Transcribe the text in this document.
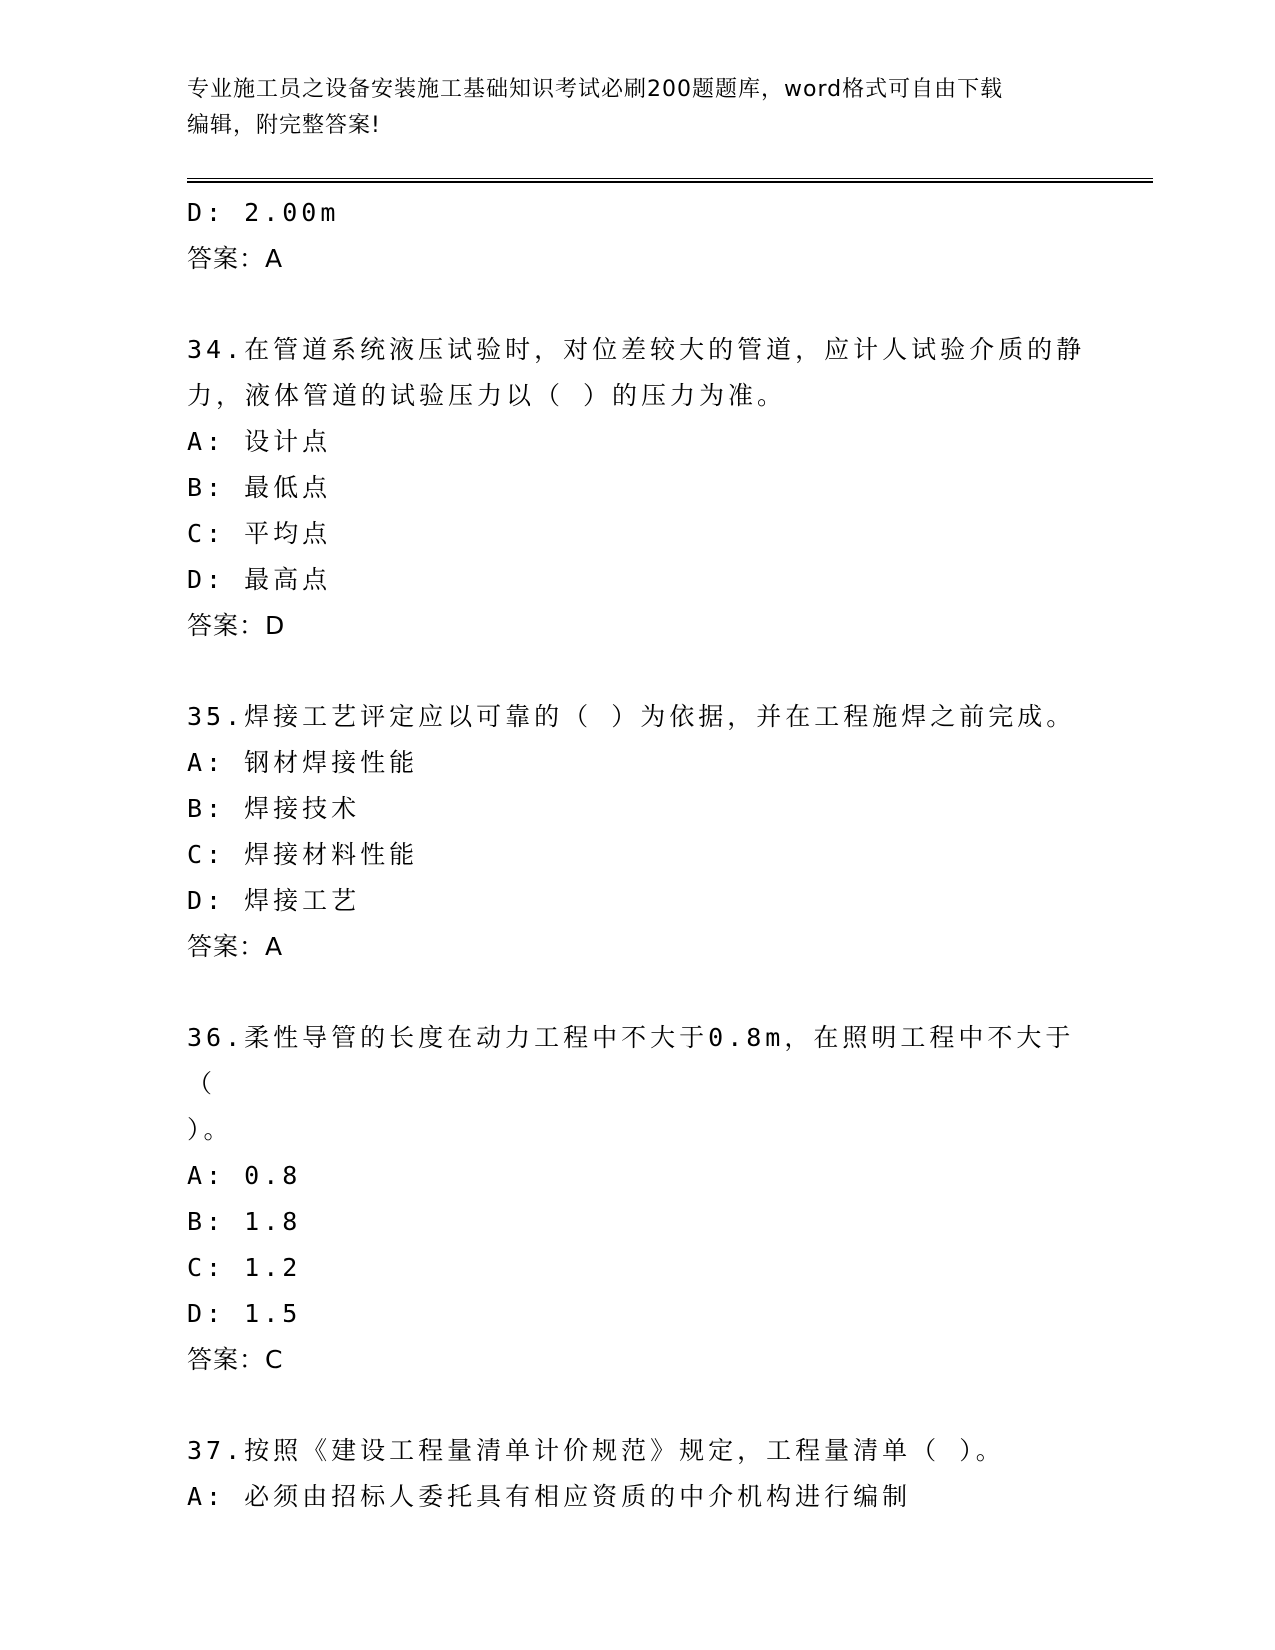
专业施工员之设备安装施工基础知识考试必刷200题题库，word格式可自由下载
编辑，附完整答案!
D: 2.00m
答案：A
34.在管道系统液压试验时，对位差较大的管道，应计人试验介质的静
力，液体管道的试验压力以（ ）的压力为准。
A: 设计点
B: 最低点
C: 平均点
D: 最高点
答案：D
35.焊接工艺评定应以可靠的（ ）为依据，并在工程施焊之前完成。
A: 钢材焊接性能
B: 焊接技术
C: 焊接材料性能
D: 焊接工艺
答案：A
36.柔性导管的长度在动力工程中不大于0.8m，在照明工程中不大于（
）。
A: 0.8
B: 1.8
C: 1.2
D: 1.5
答案：C
37.按照《建设工程量清单计价规范》规定，工程量清单（ ）。
A: 必须由招标人委托具有相应资质的中介机构进行编制
